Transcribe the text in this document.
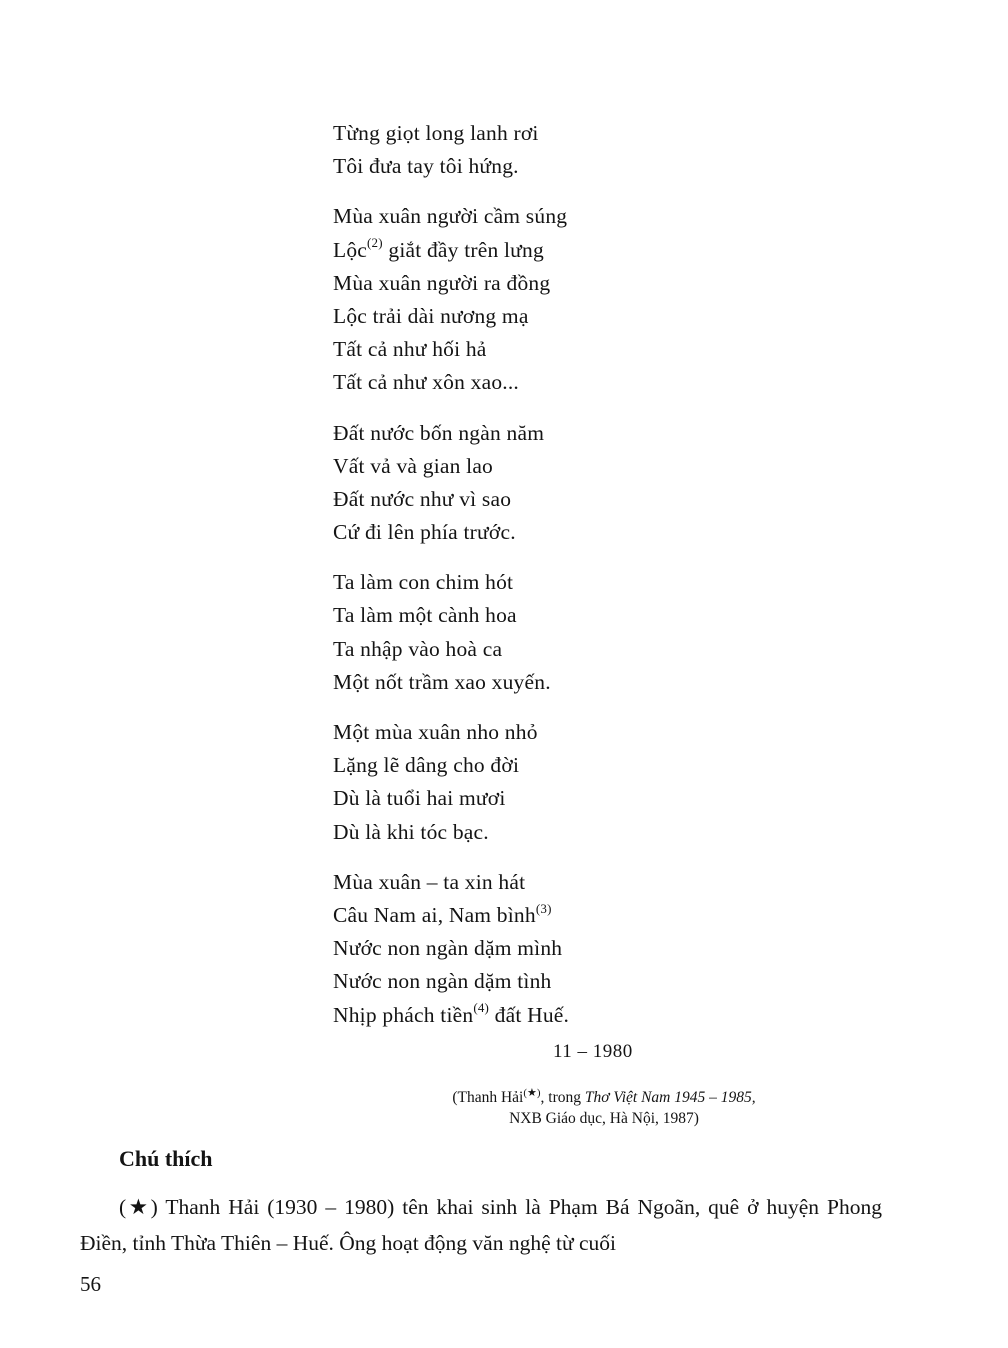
Từng giọt long lanh rơi
Tôi đưa tay tôi hứng.
Mùa xuân người cầm súng
Lộc$^{(2)}$ giắt đầy trên lưng
Mùa xuân người ra đồng
Lộc trải dài nương mạ
Tất cả như hối hả
Tất cả như xôn xao...
Đất nước bốn ngàn năm
Vất vả và gian lao
Đất nước như vì sao
Cứ đi lên phía trước.
Ta làm con chim hót
Ta làm một cành hoa
Ta nhập vào hoà ca
Một nốt trầm xao xuyến.
Một mùa xuân nho nhỏ
Lặng lẽ dâng cho đời
Dù là tuổi hai mươi
Dù là khi tóc bạc.
Mùa xuân – ta xin hát
Câu Nam ai, Nam bình$^{(3)}$
Nước non ngàn dặm mình
Nước non ngàn dặm tình
Nhịp phách tiền$^{(4)}$ đất Huế.
11 – 1980
(Thanh Hải(★), trong Thơ Việt Nam 1945 – 1985,
NXB Giáo dục, Hà Nội, 1987)
Chú thích
(★) Thanh Hải (1930 – 1980) tên khai sinh là Phạm Bá Ngoãn, quê ở huyện Phong Điền, tỉnh Thừa Thiên – Huế. Ông hoạt động văn nghệ từ cuối
56
